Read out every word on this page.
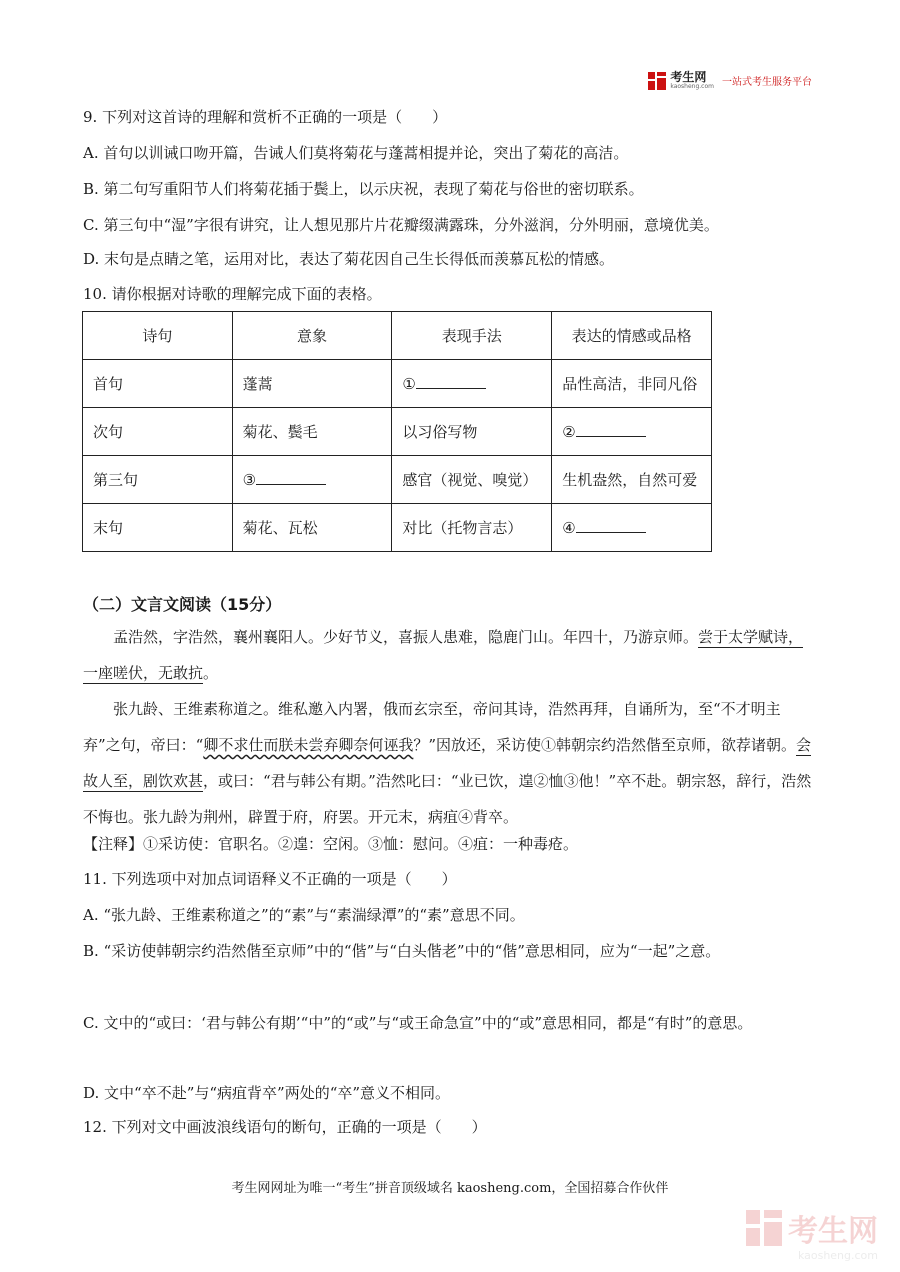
考生网
kaosheng.com 一站式考生服务平台
9. 下列对这首诗的理解和赏析不正确的一项是（　　）
A. 首句以训诫口吻开篇，告诫人们莫将菊花与蓬蒿相提并论，突出了菊花的高洁。
B. 第二句写重阳节人们将菊花插于鬓上，以示庆祝，表现了菊花与俗世的密切联系。
C. 第三句中“湿”字很有讲究，让人想见那片片花瓣缀满露珠，分外滋润，分外明丽，意境优美。
D. 末句是点睛之笔，运用对比，表达了菊花因自己生长得低而羡慕瓦松的情感。
10. 请你根据对诗歌的理解完成下面的表格。
诗句	意象	表现手法	表达的情感或品格
首句	蓬蒿	①	品性高洁，非同凡俗
次句	菊花、鬓毛	以习俗写物	②
第三句	③	感官（视觉、嗅觉）	生机盎然，自然可爱
末句	菊花、瓦松	对比（托物言志）	④
（二）文言文阅读（15分）
孟浩然，字浩然，襄州襄阳人。少好节义，喜振人患难，隐鹿门山。年四十，乃游京师。尝于太学赋诗，一座嗟伏，无敢抗。
张九龄、王维素称道之。维私邀入内署，俄而玄宗至，帝问其诗，浩然再拜，自诵所为，至“不才明主弃”之句，帝曰：“卿不求仕而朕未尝弃卿奈何诬我？”因放还，采访使①韩朝宗约浩然偕至京师，欲荐诸朝。会故人至，剧饮欢甚，或曰：“君与韩公有期。”浩然叱曰：“业已饮，遑②恤③他！”卒不赴。朝宗怒，辞行，浩然不悔也。张九龄为荆州，辟置于府，府罢。开元末，病疽④背卒。
【注释】①采访使：官职名。②遑：空闲。③恤：慰问。④疽：一种毒疮。
11. 下列选项中对加点词语释义不正确的一项是（　　）
A. “张九龄、王维素称道之”的“素”与“素湍绿潭”的“素”意思不同。
B. “采访使韩朝宗约浩然偕至京师”中的“偕”与“白头偕老”中的“偕”意思相同，应为“一起”之意。
C. 文中的“或曰：‘君与韩公有期’“中”的“或”与“或王命急宣”中的“或”意思相同，都是“有时”的意思。
D. 文中“卒不赴”与“病疽背卒”两处的“卒”意义不相同。
12. 下列对文中画波浪线语句的断句，正确的一项是（　　）
考生网网址为唯一“考生”拼音顶级域名 kaosheng.com，全国招募合作伙伴
考生网
kaosheng.com
